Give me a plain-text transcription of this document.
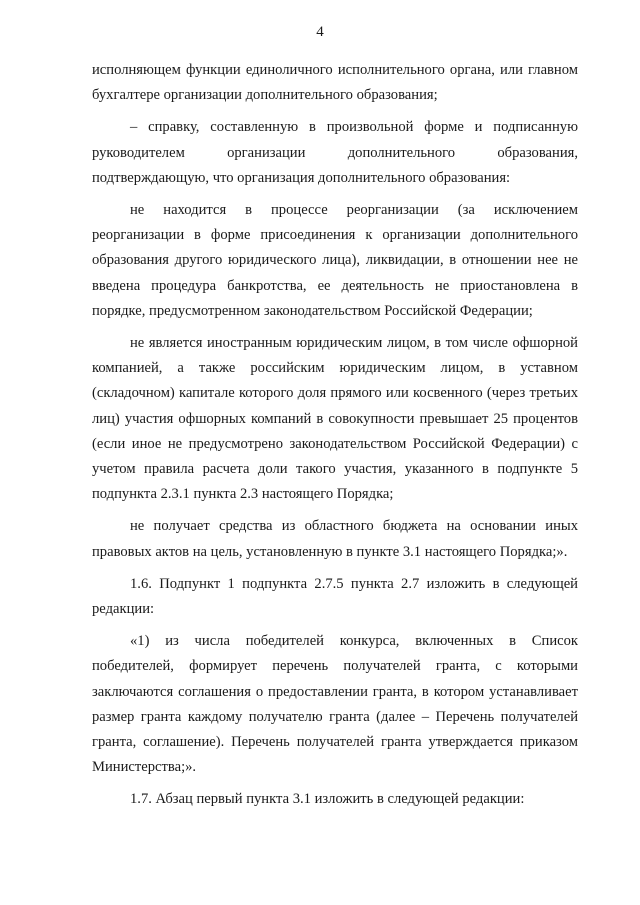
4

исполняющем функции единоличного исполнительного органа, или главном бухгалтере организации дополнительного образования;

– справку, составленную в произвольной форме и подписанную руководителем организации дополнительного образования, подтверждающую, что организация дополнительного образования:

не находится в процессе реорганизации (за исключением реорганизации в форме присоединения к организации дополнительного образования другого юридического лица), ликвидации, в отношении нее не введена процедура банкротства, ее деятельность не приостановлена в порядке, предусмотренном законодательством Российской Федерации;

не является иностранным юридическим лицом, в том числе офшорной компанией, а также российским юридическим лицом, в уставном (складочном) капитале которого доля прямого или косвенного (через третьих лиц) участия офшорных компаний в совокупности превышает 25 процентов (если иное не предусмотрено законодательством Российской Федерации) с учетом правила расчета доли такого участия, указанного в подпункте 5 подпункта 2.3.1 пункта 2.3 настоящего Порядка;

не получает средства из областного бюджета на основании иных правовых актов на цель, установленную в пункте 3.1 настоящего Порядка;».

1.6. Подпункт 1 подпункта 2.7.5 пункта 2.7 изложить в следующей редакции:

«1) из числа победителей конкурса, включенных в Список победителей, формирует перечень получателей гранта, с которыми заключаются соглашения о предоставлении гранта, в котором устанавливает размер гранта каждому получателю гранта (далее – Перечень получателей гранта, соглашение). Перечень получателей гранта утверждается приказом Министерства;».

1.7. Абзац первый пункта 3.1 изложить в следующей редакции:
